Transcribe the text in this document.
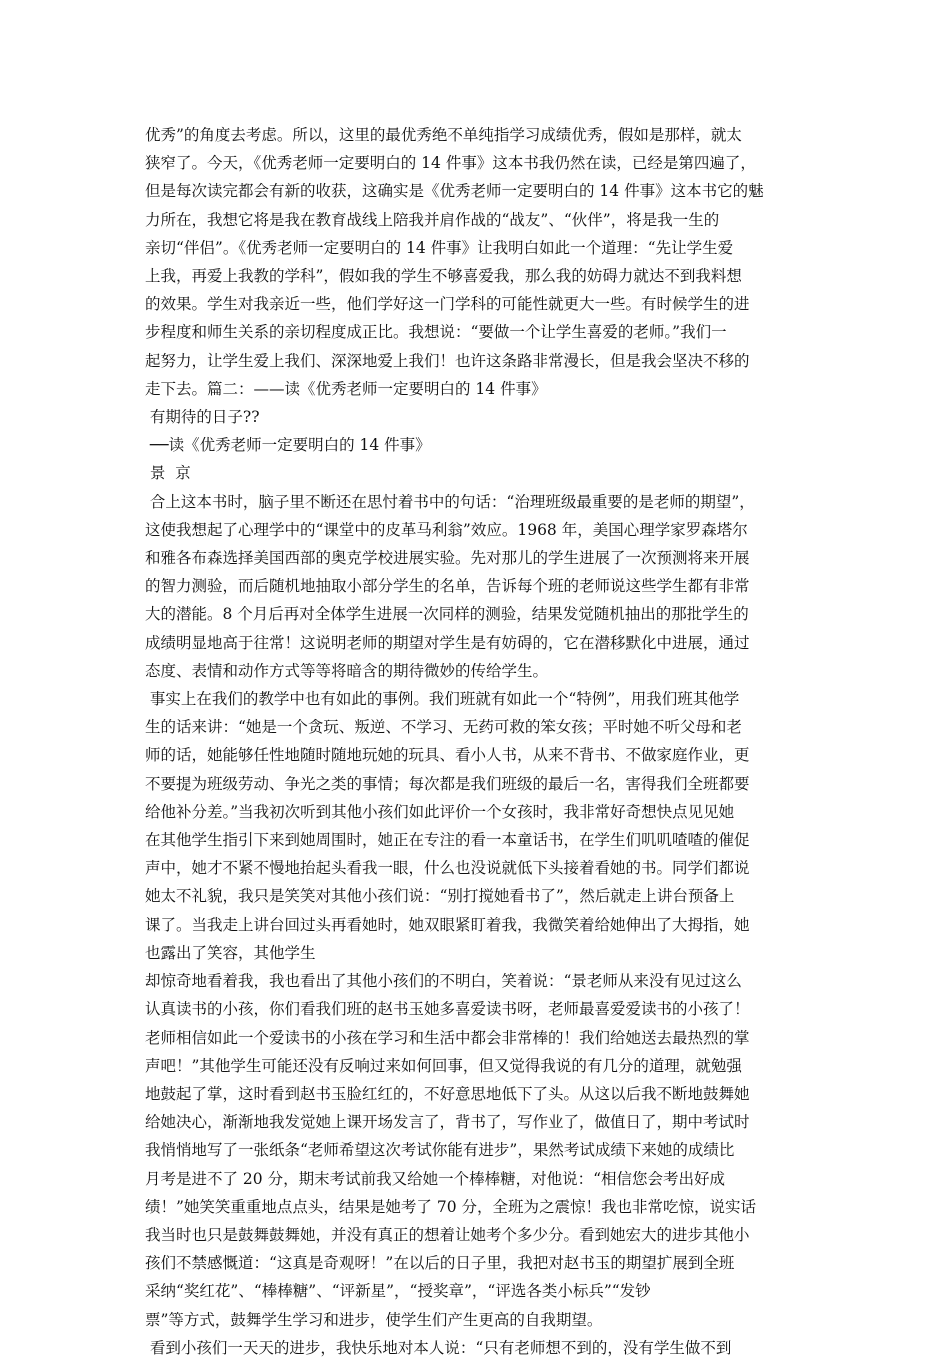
优秀”的角度去考虑。所以，这里的最优秀绝不单纯指学习成绩优秀，假如是那样，就太
狭窄了。今天，《优秀老师一定要明白的 14 件事》这本书我仍然在读，已经是第四遍了，
但是每次读完都会有新的收获，这确实是《优秀老师一定要明白的 14 件事》这本书它的魅
力所在，我想它将是我在教育战线上陪我并肩作战的“战友”、“伙伴”，将是我一生的
亲切“伴侣”。《优秀老师一定要明白的 14 件事》让我明白如此一个道理：“先让学生爱
上我，再爱上我教的学科”，假如我的学生不够喜爱我，那么我的妨碍力就达不到我料想
的效果。学生对我亲近一些，他们学好这一门学科的可能性就更大一些。有时候学生的进
步程度和师生关系的亲切程度成正比。我想说：“要做一个让学生喜爱的老师。”我们一
起努力，让学生爱上我们、深深地爱上我们！也许这条路非常漫长，但是我会坚决不移的
走下去。篇二：——读《优秀老师一定要明白的 14 件事》
有期待的日子??
──读《优秀老师一定要明白的 14 件事》
景  京
合上这本书时，脑子里不断还在思忖着书中的句话：“治理班级最重要的是老师的期望”，
这使我想起了心理学中的“课堂中的皮革马利翁”效应。1968 年，美国心理学家罗森塔尔
和雅各布森选择美国西部的奥克学校进展实验。先对那儿的学生进展了一次预测将来开展
的智力测验，而后随机地抽取小部分学生的名单，告诉每个班的老师说这些学生都有非常
大的潜能。8 个月后再对全体学生进展一次同样的测验，结果发觉随机抽出的那批学生的
成绩明显地高于往常！这说明老师的期望对学生是有妨碍的，它在潜移默化中进展，通过
态度、表情和动作方式等等将暗含的期待微妙的传给学生。
事实上在我们的教学中也有如此的事例。我们班就有如此一个“特例”，用我们班其他学
生的话来讲：“她是一个贪玩、叛逆、不学习、无药可救的笨女孩；平时她不听父母和老
师的话，她能够任性地随时随地玩她的玩具、看小人书，从来不背书、不做家庭作业，更
不要提为班级劳动、争光之类的事情；每次都是我们班级的最后一名，害得我们全班都要
给他补分差。”当我初次听到其他小孩们如此评价一个女孩时，我非常好奇想快点见见她
在其他学生指引下来到她周围时，她正在专注的看一本童话书，在学生们叽叽喳喳的催促
声中，她才不紧不慢地抬起头看我一眼，什么也没说就低下头接着看她的书。同学们都说
她太不礼貌，我只是笑笑对其他小孩们说：“别打搅她看书了”，然后就走上讲台预备上
课了。当我走上讲台回过头再看她时，她双眼紧盯着我，我微笑着给她伸出了大拇指，她
也露出了笑容，其他学生
却惊奇地看着我，我也看出了其他小孩们的不明白，笑着说：“景老师从来没有见过这么
认真读书的小孩，你们看我们班的赵书玉她多喜爱读书呀，老师最喜爱爱读书的小孩了！
老师相信如此一个爱读书的小孩在学习和生活中都会非常棒的！我们给她送去最热烈的掌
声吧！”其他学生可能还没有反响过来如何回事，但又觉得我说的有几分的道理，就勉强
地鼓起了掌，这时看到赵书玉脸红红的，不好意思地低下了头。从这以后我不断地鼓舞她
给她决心，渐渐地我发觉她上课开场发言了，背书了，写作业了，做值日了，期中考试时
我悄悄地写了一张纸条“老师希望这次考试你能有进步”，果然考试成绩下来她的成绩比
月考是进不了 20 分，期末考试前我又给她一个棒棒糖，对他说：“相信您会考出好成
绩！”她笑笑重重地点点头，结果是她考了 70 分，全班为之震惊！我也非常吃惊，说实话
我当时也只是鼓舞鼓舞她，并没有真正的想着让她考个多少分。看到她宏大的进步其他小
孩们不禁感慨道：“这真是奇观呀！”在以后的日子里，我把对赵书玉的期望扩展到全班
采纳“奖红花”、“棒棒糖”、“评新星”，“授奖章”，“评选各类小标兵”“发钞
票”等方式，鼓舞学生学习和进步，使学生们产生更高的自我期望。
看到小孩们一天天的进步，我快乐地对本人说：“只有老师想不到的，没有学生做不到
